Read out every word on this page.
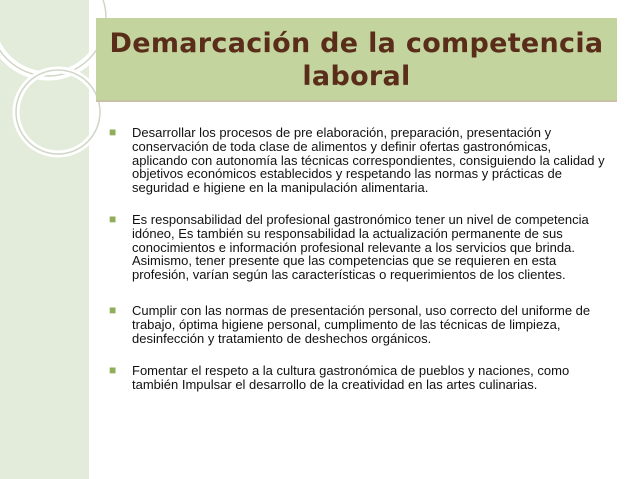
Demarcación de la competencia
laboral
■ Desarrollar los procesos de pre elaboración, preparación, presentación y conservación de toda clase de alimentos y definir ofertas gastronómicas, aplicando con autonomía las técnicas correspondientes, consiguiendo la calidad y objetivos económicos establecidos y respetando las normas y prácticas de seguridad e higiene en la manipulación alimentaria.
■ Es responsabilidad del profesional gastronómico tener un nivel de competencia idóneo, Es también su responsabilidad la actualización permanente de sus conocimientos e información profesional relevante a los servicios que brinda. Asimismo, tener presente que las competencias que se requieren en esta profesión, varían según las características o requerimientos de los clientes.
■ Cumplir con las normas de presentación personal, uso correcto del uniforme de trabajo, óptima higiene personal, cumplimento de las técnicas de limpieza, desinfección y tratamiento de deshechos orgánicos.
■ Fomentar el respeto a la cultura gastronómica de pueblos y naciones, como también Impulsar el desarrollo de la creatividad en las artes culinarias.
